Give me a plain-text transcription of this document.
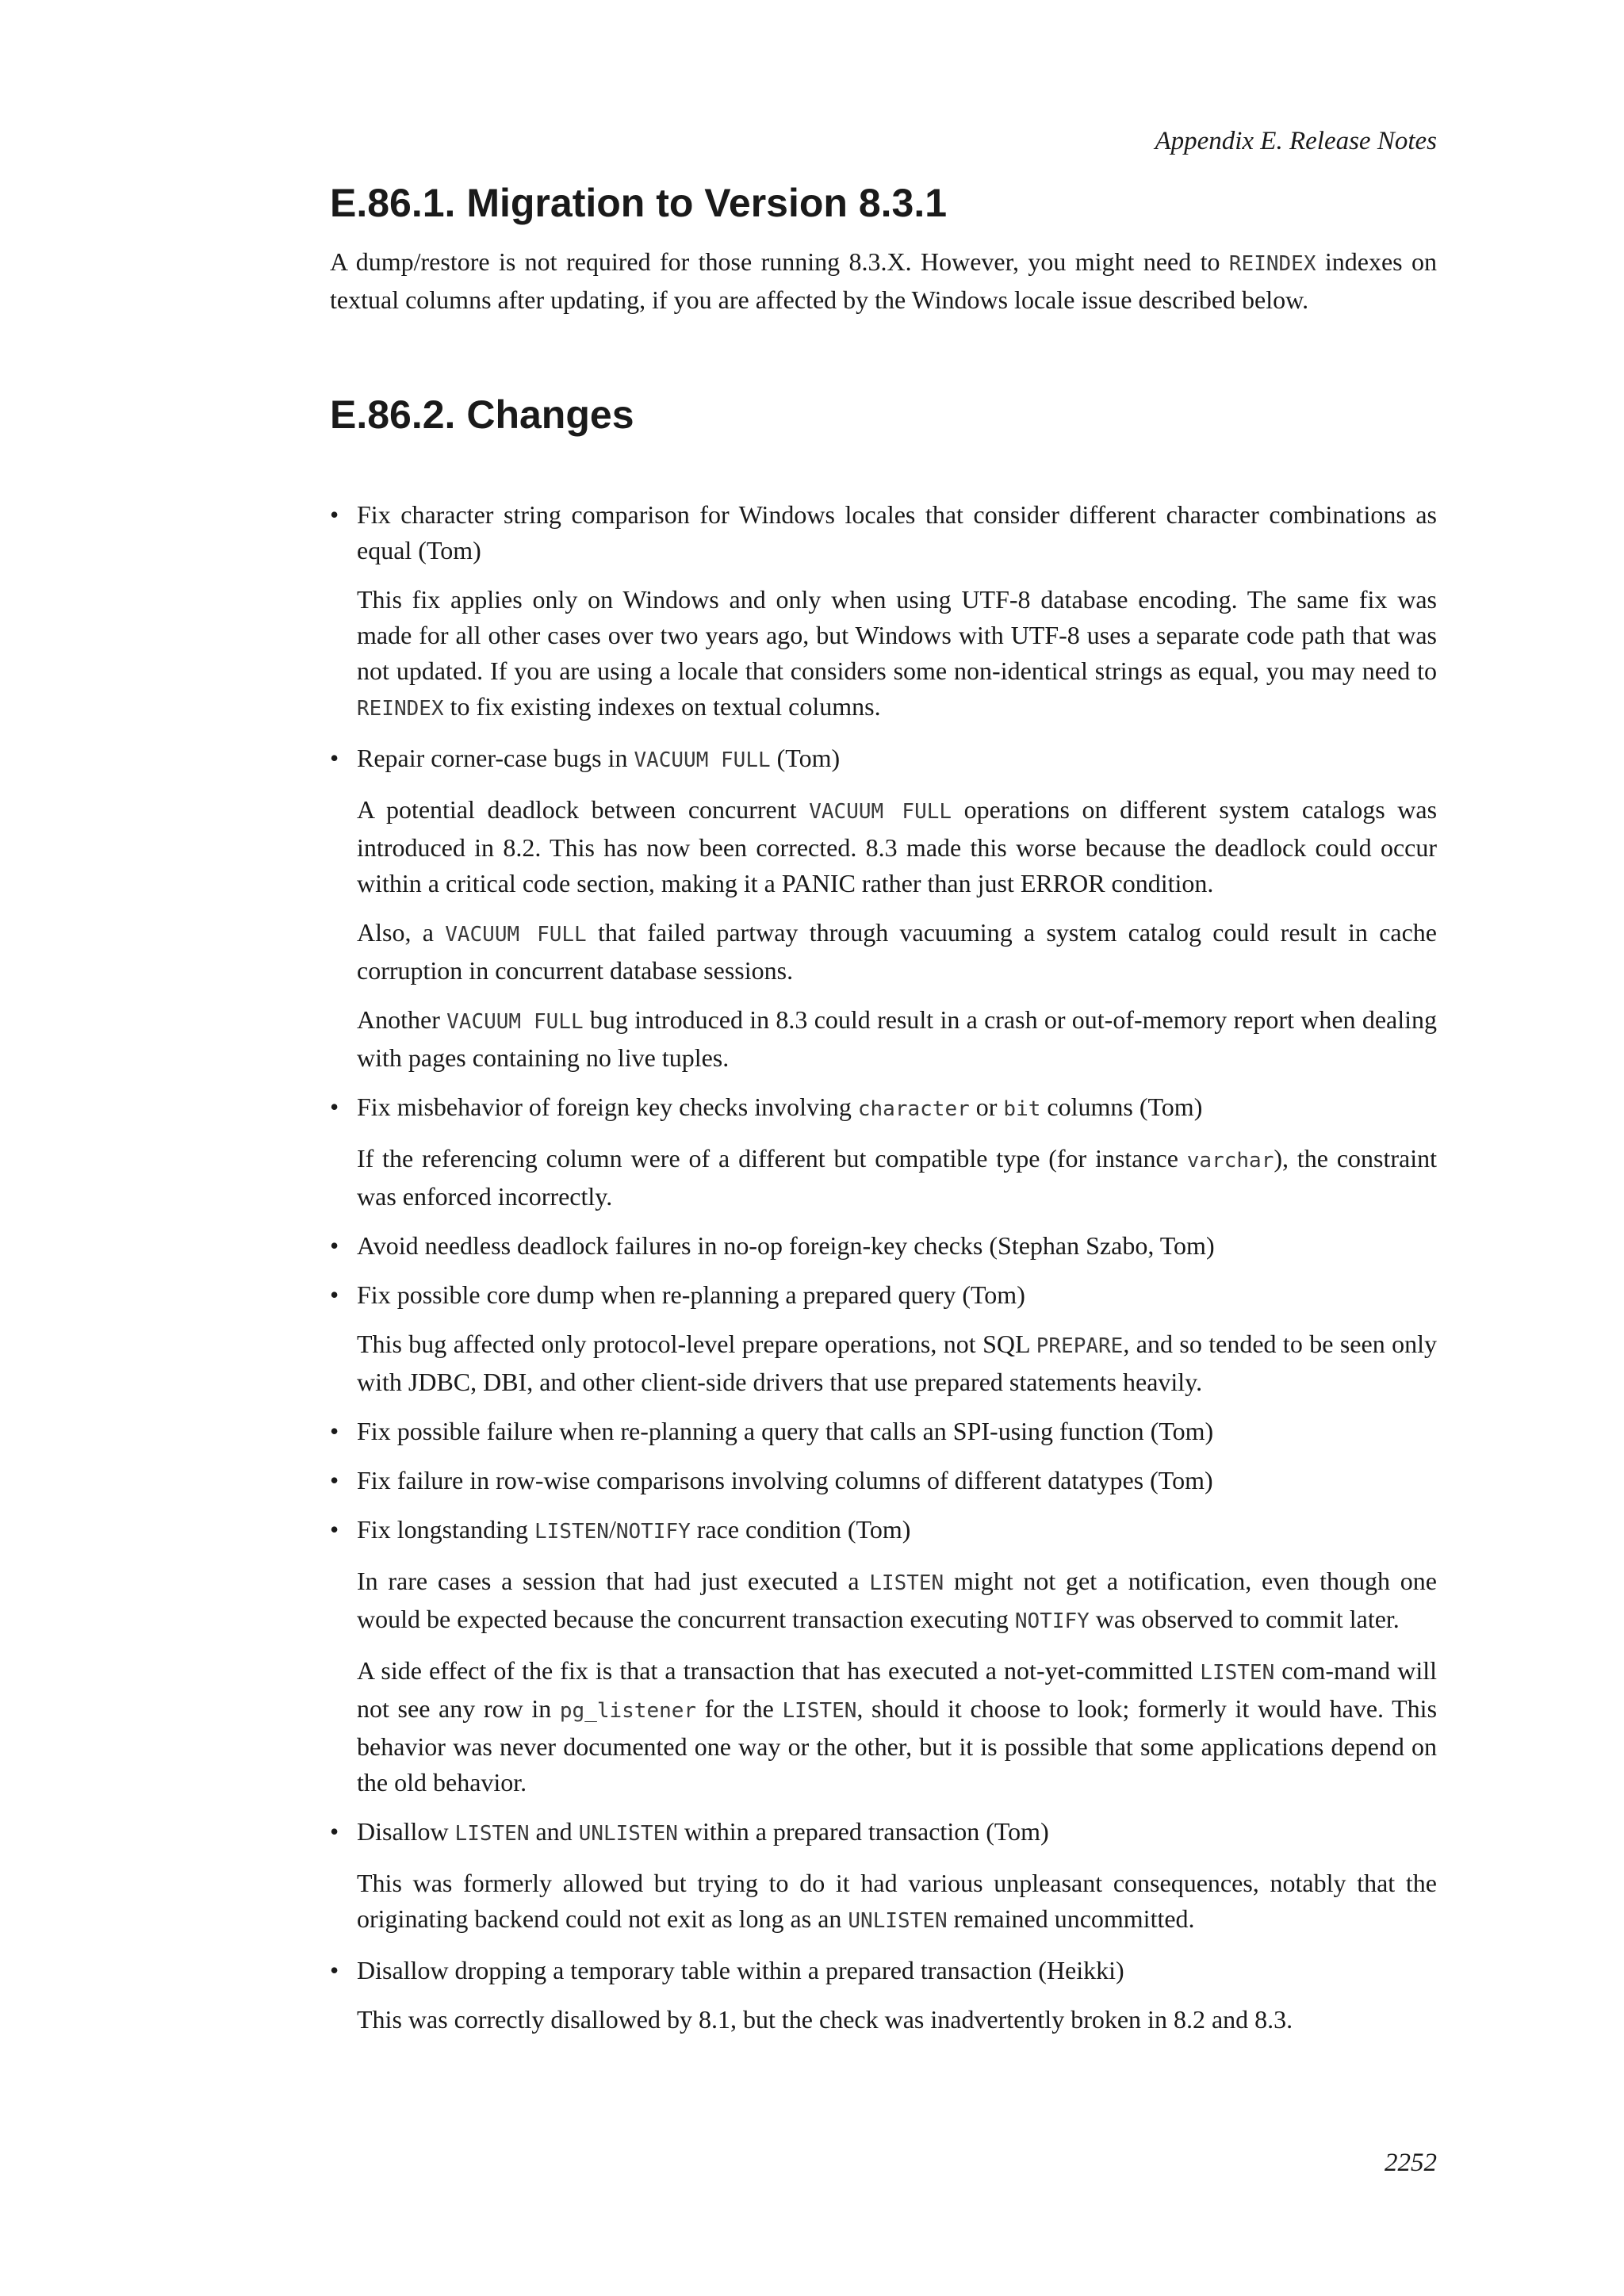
Appendix E. Release Notes
E.86.1. Migration to Version 8.3.1

A dump/restore is not required for those running 8.3.X. However, you might need to REINDEX indexes on textual columns after updating, if you are affected by the Windows locale issue described below.

E.86.2. Changes
• Fix character string comparison for Windows locales that consider different character combinations as equal (Tom)

This fix applies only on Windows and only when using UTF-8 database encoding. The same fix was made for all other cases over two years ago, but Windows with UTF-8 uses a separate code path that was not updated. If you are using a locale that considers some non-identical strings as equal, you may need to REINDEX to fix existing indexes on textual columns.

• Repair corner-case bugs in VACUUM FULL (Tom)

A potential deadlock between concurrent VACUUM FULL operations on different system catalogs was introduced in 8.2. This has now been corrected. 8.3 made this worse because the deadlock could occur within a critical code section, making it a PANIC rather than just ERROR condition.

Also, a VACUUM FULL that failed partway through vacuuming a system catalog could result in cache corruption in concurrent database sessions.

Another VACUUM FULL bug introduced in 8.3 could result in a crash or out-of-memory report when dealing with pages containing no live tuples.

• Fix misbehavior of foreign key checks involving character or bit columns (Tom)

If the referencing column were of a different but compatible type (for instance varchar), the constraint was enforced incorrectly.

• Avoid needless deadlock failures in no-op foreign-key checks (Stephan Szabo, Tom)

• Fix possible core dump when re-planning a prepared query (Tom)

This bug affected only protocol-level prepare operations, not SQL PREPARE, and so tended to be seen only with JDBC, DBI, and other client-side drivers that use prepared statements heavily.

• Fix possible failure when re-planning a query that calls an SPI-using function (Tom)

• Fix failure in row-wise comparisons involving columns of different datatypes (Tom)

• Fix longstanding LISTEN/NOTIFY race condition (Tom)

In rare cases a session that had just executed a LISTEN might not get a notification, even though one would be expected because the concurrent transaction executing NOTIFY was observed to commit later.

A side effect of the fix is that a transaction that has executed a not-yet-committed LISTEN com-mand will not see any row in pg_listener for the LISTEN, should it choose to look; formerly it would have. This behavior was never documented one way or the other, but it is possible that some applications depend on the old behavior.

• Disallow LISTEN and UNLISTEN within a prepared transaction (Tom)

This was formerly allowed but trying to do it had various unpleasant consequences, notably that the originating backend could not exit as long as an UNLISTEN remained uncommitted.

• Disallow dropping a temporary table within a prepared transaction (Heikki)

This was correctly disallowed by 8.1, but the check was inadvertently broken in 8.2 and 8.3.

2252
